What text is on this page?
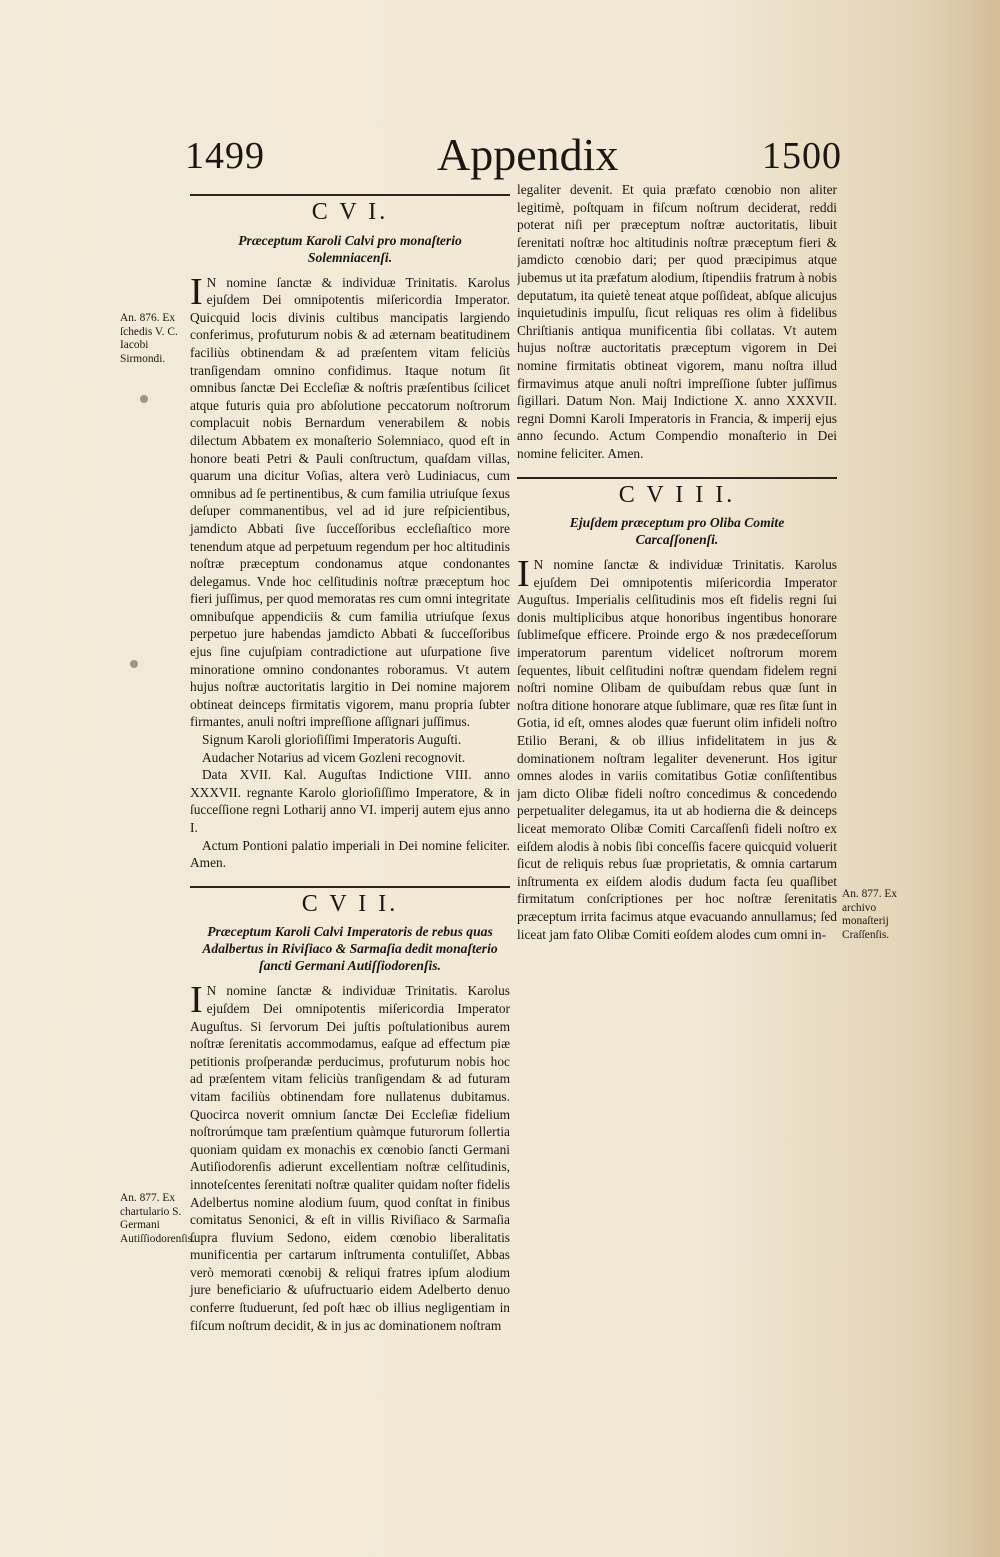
1499	Appendix	1500
An. 876. Ex ſchedis V. C. Iacobi Sirmondi.
An. 877. Ex chartulario S. Germani Autiſſiodorenſis.
An. 877. Ex archivo monaſterij Craſſenſis.
C V I.
Præceptum Karoli Calvi pro monaſterio Solemniacenſi.

I N nomine ſanctæ & individuæ Trinitatis. Karolus ejuſdem Dei omnipotentis miſericordia Imperator. Quicquid locis divinis cultibus mancipatis largiendo conferimus, profuturum nobis & ad æternam beatitudinem faciliùs obtinendam & ad præſentem vitam feliciùs tranſigendam omnino confidimus. Itaque notum ſit omnibus ſanctæ Dei Eccleſiæ & noſtris præſentibus ſcilicet atque futuris quia pro abſolutione peccatorum noſtrorum complacuit nobis Bernardum venerabilem & nobis dilectum Abbatem ex monaſterio Solemniaco, quod eſt in honore beati Petri & Pauli conſtructum, quaſdam villas, quarum una dicitur Voſias, altera verò Ludiniacus, cum omnibus ad ſe pertinentibus, & cum familia utriuſque ſexus deſuper commanentibus, vel ad id jure reſpicientibus, jamdicto Abbati ſive ſucceſſoribus eccleſiaſtico more tenendum atque ad perpetuum regendum per hoc altitudinis noſtræ præceptum condonamus atque condonantes delegamus. Vnde hoc celſitudinis noſtræ præceptum hoc fieri juſſimus, per quod memoratas res cum omni integritate omnibuſque appendiciis & cum familia utriuſque ſexus perpetuo jure habendas jamdicto Abbati & ſucceſſoribus ejus ſine cujuſpiam contradictione aut uſurpatione ſive minoratione omnino condonantes roboramus. Vt autem hujus noſtræ auctoritatis largitio in Dei nomine majorem obtineat deinceps firmitatis vigorem, manu propria ſubter firmantes, anuli noſtri impreſſione aſſignari juſſimus.

Signum Karoli glorioſiſſimi Imperatoris Auguſti.

Audacher Notarius ad vicem Gozleni recognovit.

Data XVII. Kal. Auguſtas Indictione VIII. anno XXXVII. regnante Karolo glorioſiſſimo Imperatore, & in ſucceſſione regni Lotharij anno VI. imperij autem ejus anno I.

Actum Pontioni palatio imperiali in Dei nomine feliciter. Amen.

C V I I.
Præceptum Karoli Calvi Imperatoris de rebus quas Adalbertus in Riviſiaco & Sarmaſia dedit monaſterio ſancti Germani Autiſſiodorenſis.

I N nomine ſanctæ & individuæ Trinitatis. Karolus ejuſdem Dei omnipotentis miſericordia Imperator Auguſtus. Si ſervorum Dei juſtis poſtulationibus aurem noſtræ ſerenitatis accommodamus, eaſque ad effectum piæ petitionis proſperandæ perducimus, profuturum nobis hoc ad præſentem vitam feliciùs tranſigendam & ad futuram vitam faciliùs obtinendam fore nullatenus dubitamus. Quocirca noverit omnium ſanctæ Dei Eccleſiæ fidelium noſtrorúmque tam præſentium quàmque futurorum ſollertia quoniam quidam ex monachis ex cœnobio ſancti Germani Autiſiodorenſis adierunt excellentiam noſtræ celſitudinis, innoteſcentes ſerenitati noſtræ qualiter quidam noſter fidelis Adelbertus nomine alodium ſuum, quod conſtat in finibus comitatus Senonici, & eſt in villis Riviſiaco & Sarmaſia ſupra fluvium Sedono, eidem cœnobio liberalitatis munificentia per cartarum inſtrumenta contuliſſet, Abbas verò memorati cœnobij & reliqui fratres ipſum alodium jure beneficiario & uſufructuario eidem Adelberto denuo conferre ſtuduerunt, ſed poſt hæc ob illius negligentiam in fiſcum noſtrum decidit, & in jus ac dominationem noſtram

legaliter devenit. Et quia præfato cœnobio non aliter legitimè, poſtquam in fiſcum noſtrum deciderat, reddi poterat niſi per præceptum noſtræ auctoritatis, libuit ſerenitati noſtræ hoc altitudinis noſtræ præceptum fieri & jamdicto cœnobio dari; per quod præcipimus atque jubemus ut ita præfatum alodium, ſtipendiis fratrum à nobis deputatum, ita quietè teneat atque poſſideat, abſque alicujus inquietudinis impulſu, ſicut reliquas res olim à fidelibus Chriſtianis antiqua munificentia ſibi collatas. Vt autem hujus noſtræ auctoritatis præceptum vigorem in Dei nomine firmitatis obtineat vigorem, manu noſtra illud firmavimus atque anuli noſtri impreſſione ſubter juſſimus ſigillari. Datum Non. Maij Indictione X. anno XXXVII. regni Domni Karoli Imperatoris in Francia, & imperij ejus anno ſecundo. Actum Compendio monaſterio in Dei nomine feliciter. Amen.

C V I I I.
Ejuſdem præceptum pro Oliba Comite Carcaſſonenſi.

I N nomine ſanctæ & individuæ Trinitatis. Karolus ejuſdem Dei omnipotentis miſericordia Imperator Auguſtus. Imperialis celſitudinis mos eſt fidelis regni ſui donis multiplicibus atque honoribus ingentibus honorare ſublimeſque efficere. Proinde ergo & nos prædeceſſorum imperatorum parentum videlicet noſtrorum morem ſequentes, libuit celſitudini noſtræ quendam fidelem regni noſtri nomine Olibam de quibuſdam rebus quæ ſunt in noſtra ditione honorare atque ſublimare, quæ res ſitæ ſunt in Gotia, id eſt, omnes alodes quæ fuerunt olim infideli noſtro Etilio Berani, & ob illius infidelitatem in jus & dominationem noſtram legaliter devenerunt. Hos igitur omnes alodes in variis comitatibus Gotiæ conſiſtentibus jam dicto Olibæ fideli noſtro concedimus & concedendo perpetualiter delegamus, ita ut ab hodierna die & deinceps liceat memorato Olibæ Comiti Carcaſſenſi fideli noſtro ex eiſdem alodis à nobis ſibi conceſſis facere quicquid voluerit ſicut de reliquis rebus ſuæ proprietatis, & omnia cartarum inſtrumenta ex eiſdem alodis dudum facta ſeu quaſlibet firmitatum conſcriptiones per hoc noſtræ ſerenitatis præceptum irrita facimus atque evacuando annullamus; ſed liceat jam fato Olibæ Comiti eoſdem alodes cum omni in-
